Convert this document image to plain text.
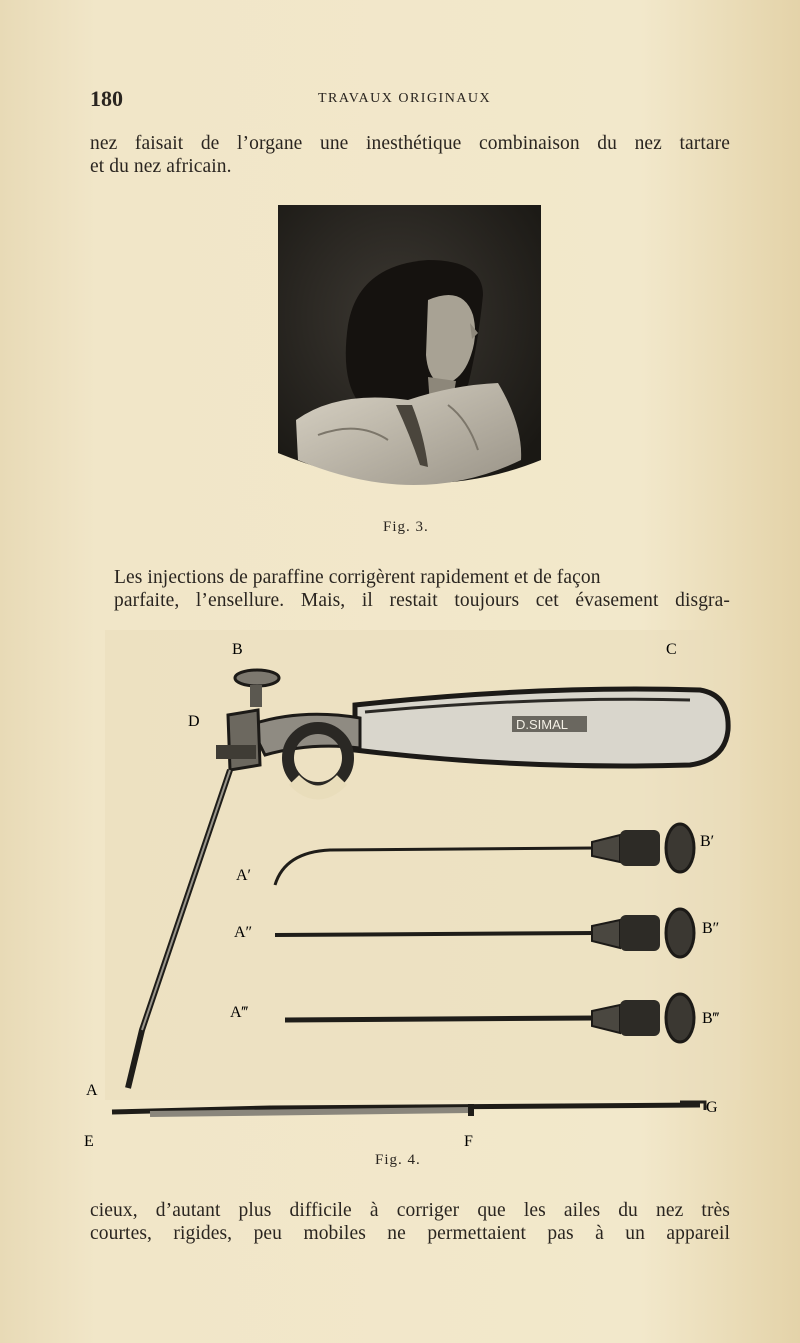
180	TRAVAUX ORIGINAUX

nez faisait de l’organe une inesthétique combinaison du nez tartare

et du nez africain.

Fig. 3.

Les injections de paraffine corrigèrent rapidement et de façon

parfaite, l’ensellure. Mais, il restait toujours cet évasement disgra-

D.SIMAL
B	C
D
A′
A″
A‴
B′
B″
B‴
A
G
E	F
Fig. 4.

cieux, d’autant plus difficile à corriger que les ailes du nez très

courtes, rigides, peu mobiles ne permettaient pas à un appareil
